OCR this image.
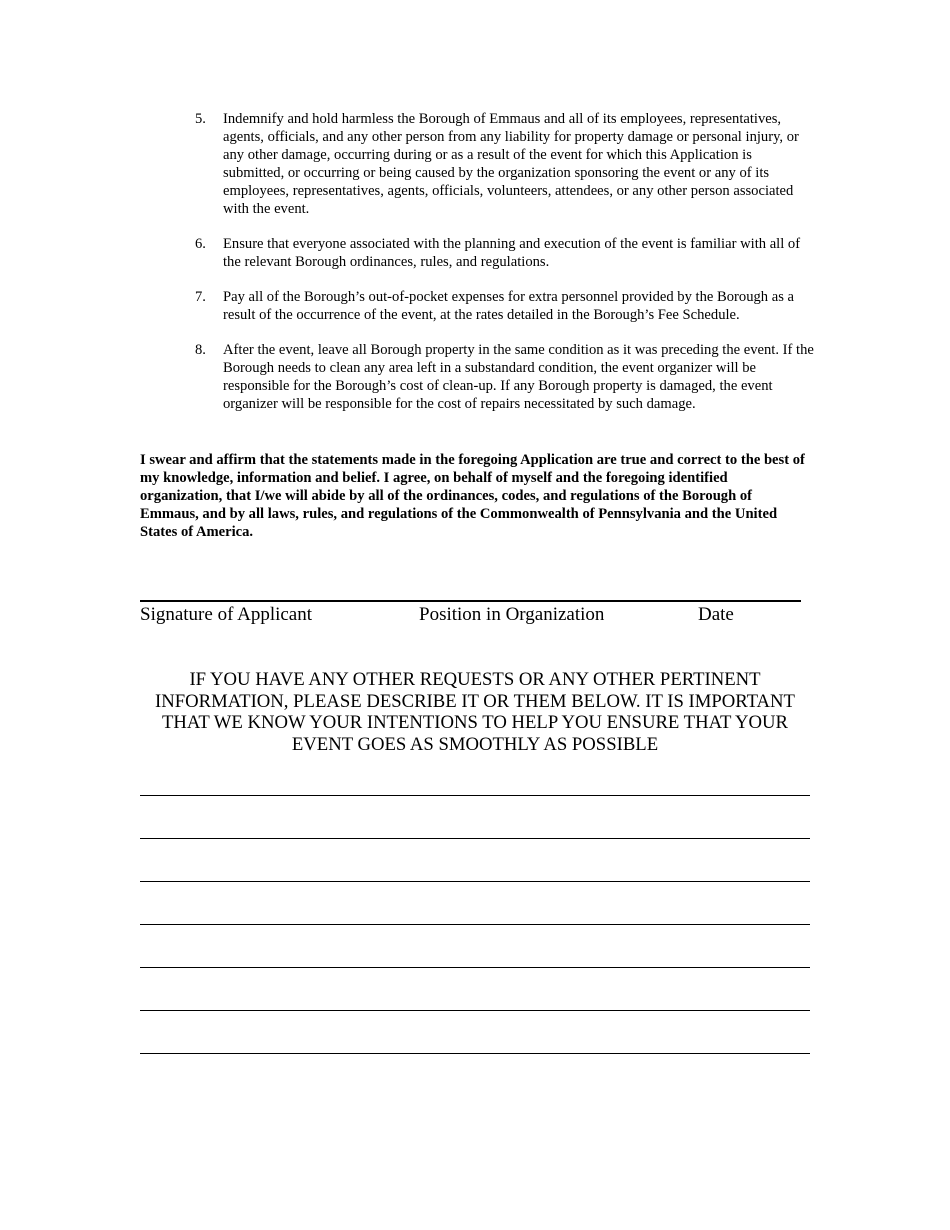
5.	Indemnify and hold harmless the Borough of Emmaus and all of its employees, representatives, agents, officials, and any other person from any liability for property damage or personal injury, or any other damage, occurring during or as a result of the event for which this Application is submitted, or occurring or being caused by the organization sponsoring the event or any of its employees, representatives, agents, officials, volunteers, attendees, or any other person associated with the event.
6.	Ensure that everyone associated with the planning and execution of the event is familiar with all of the relevant Borough ordinances, rules, and regulations.
7.	Pay all of the Borough’s out-of-pocket expenses for extra personnel provided by the Borough as a result of the occurrence of the event, at the rates detailed in the Borough’s Fee Schedule.
8.	After the event, leave all Borough property in the same condition as it was preceding the event. If the Borough needs to clean any area left in a substandard condition, the event organizer will be responsible for the Borough’s cost of clean-up. If any Borough property is damaged, the event organizer will be responsible for the cost of repairs necessitated by such damage.
I swear and affirm that the statements made in the foregoing Application are true and correct to the best of my knowledge, information and belief. I agree, on behalf of myself and the foregoing identified organization, that I/we will abide by all of the ordinances, codes, and regulations of the Borough of Emmaus, and by all laws, rules, and regulations of the Commonwealth of Pennsylvania and the United States of America.
Signature of Applicant	Position in Organization	Date
IF YOU HAVE ANY OTHER REQUESTS OR ANY OTHER PERTINENT INFORMATION, PLEASE DESCRIBE IT OR THEM BELOW. IT IS IMPORTANT THAT WE KNOW YOUR INTENTIONS TO HELP YOU ENSURE THAT YOUR EVENT GOES AS SMOOTHLY AS POSSIBLE
